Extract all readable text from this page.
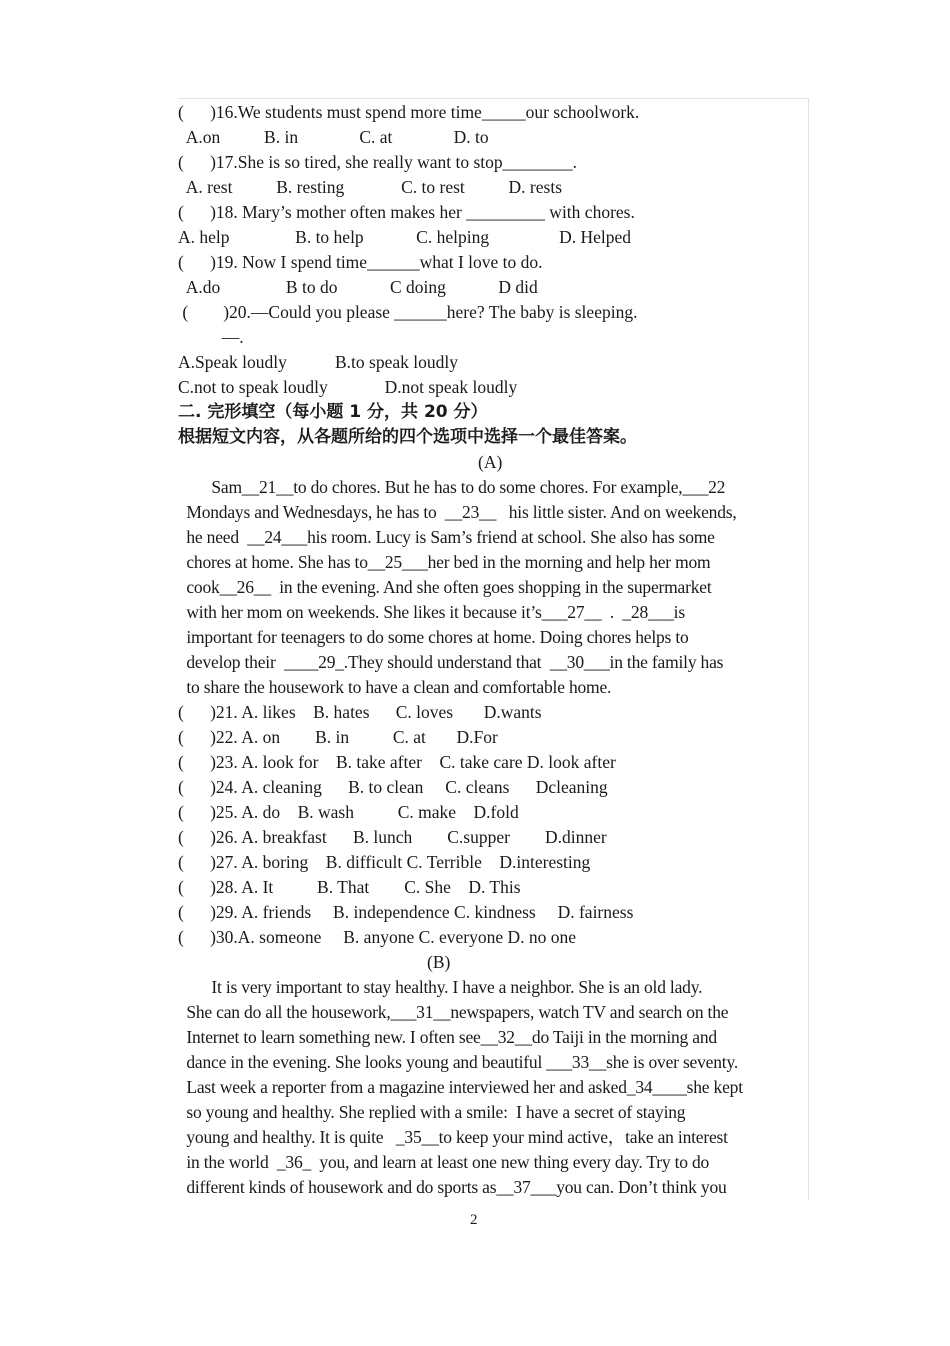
(      )16.We students must spend more time_____our schoolwork.
A.on          B. in              C. at              D. to
(      )17.She is so tired, she really want to stop________.
A. rest          B. resting             C. to rest          D. rests
(      )18. Mary’s mother often makes her _________ with chores.
A. help               B. to help            C. helping                D. Helped
(      )19. Now I spend time______what I love to do.
A.do               B to do            C doing            D did
(        )20.—Could you please ______here? The baby is sleeping.
—.
A.Speak loudly           B.to speak loudly
C.not to speak loudly             D.not speak loudly
二. 完形填空（每小题 1 分，共 20 分）
根据短文内容，从各题所给的四个选项中选择一个最佳答案。
(A)
Sam__21__to do chores. But he has to do some chores. For example,___22
Mondays and Wednesdays, he has to  __23__   his little sister. And on weekends,
he need  __24___his room. Lucy is Sam’s friend at school. She also has some
chores at home. She has to__25___her bed in the morning and help her mom
cook__26__  in the evening. And she often goes shopping in the supermarket
with her mom on weekends. She likes it because it’s___27__  .  _28___is
important for teenagers to do some chores at home. Doing chores helps to
develop their  ____29_.They should understand that  __30___in the family has
to share the housework to have a clean and comfortable home.
(      )21. A. likes    B. hates      C. loves       D.wants
(      )22. A. on        B. in          C. at       D.For
(      )23. A. look for    B. take after    C. take care D. look after
(      )24. A. cleaning      B. to clean     C. cleans      Dcleaning
(      )25. A. do    B. wash          C. make    D.fold
(      )26. A. breakfast      B. lunch        C.supper        D.dinner
(      )27. A. boring    B. difficult C. Terrible    D.interesting
(      )28. A. It          B. That        C. She    D. This
(      )29. A. friends     B. independence C. kindness     D. fairness
(      )30.A. someone     B. anyone C. everyone D. no one
(B)
It is very important to stay healthy. I have a neighbor. She is an old lady.
She can do all the housework,___31__newspapers, watch TV and search on the
Internet to learn something new. I often see__32__do Taiji in the morning and
dance in the evening. She looks young and beautiful ___33__she is over seventy.
Last week a reporter from a magazine interviewed her and asked_34____she kept
so young and healthy. She replied with a smile:  I have a secret of staying
young and healthy. It is quite   _35__to keep your mind active，take an interest
in the world  _36_  you, and learn at least one new thing every day. Try to do
different kinds of housework and do sports as__37___you can. Don’t think you
2
